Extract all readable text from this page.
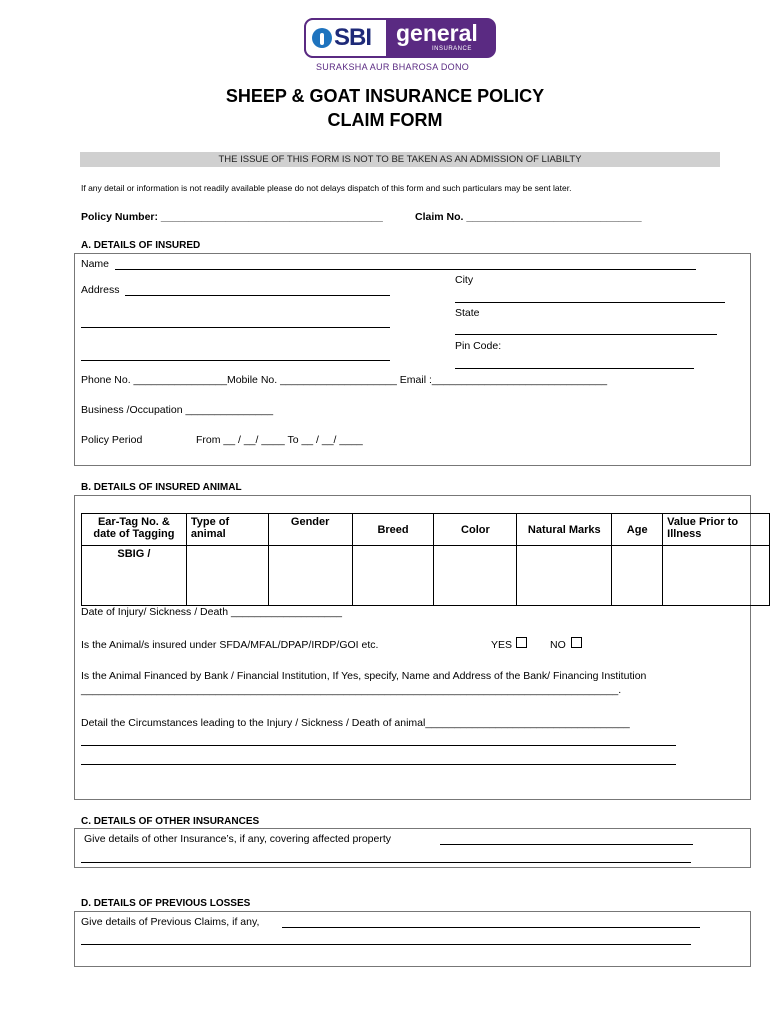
SBI general
INSURANCE
SURAKSHA AUR BHAROSA DONO
SHEEP & GOAT INSURANCE POLICY
CLAIM FORM
THE ISSUE OF THIS FORM IS NOT TO BE TAKEN AS AN ADMISSION OF LIABILTY
If any detail or information is not readily available please do not delays dispatch of this form and such particulars may be sent later.
Policy Number: ______________________________________	Claim No. ______________________________
A. DETAILS OF INSURED
Name
City
Address
State
Pin Code:
Phone No. ________________Mobile No. ____________________ Email :______________________________
Business /Occupation _______________
Policy Period	From __ / __/ ____ To __ / __/ ____
B. DETAILS OF INSURED ANIMAL
Ear-Tag No. & date of Tagging	Type of animal	Gender	Breed	Color	Natural Marks	Age	Value Prior to Illness
SBIG /							
Date of Injury/ Sickness / Death ___________________
Is the Animal/s insured under SFDA/MFAL/DPAP/IRDP/GOI etc.	YES	NO
Is the Animal Financed by Bank / Financial Institution, If Yes, specify, Name and Address of the Bank/ Financing Institution
____________________________________________________________________________________________.
Detail the Circumstances leading to the Injury / Sickness / Death of animal___________________________________
C. DETAILS OF OTHER INSURANCES
Give details of other Insurance’s, if any, covering affected property
D. DETAILS OF PREVIOUS LOSSES
Give details of Previous Claims, if any,
